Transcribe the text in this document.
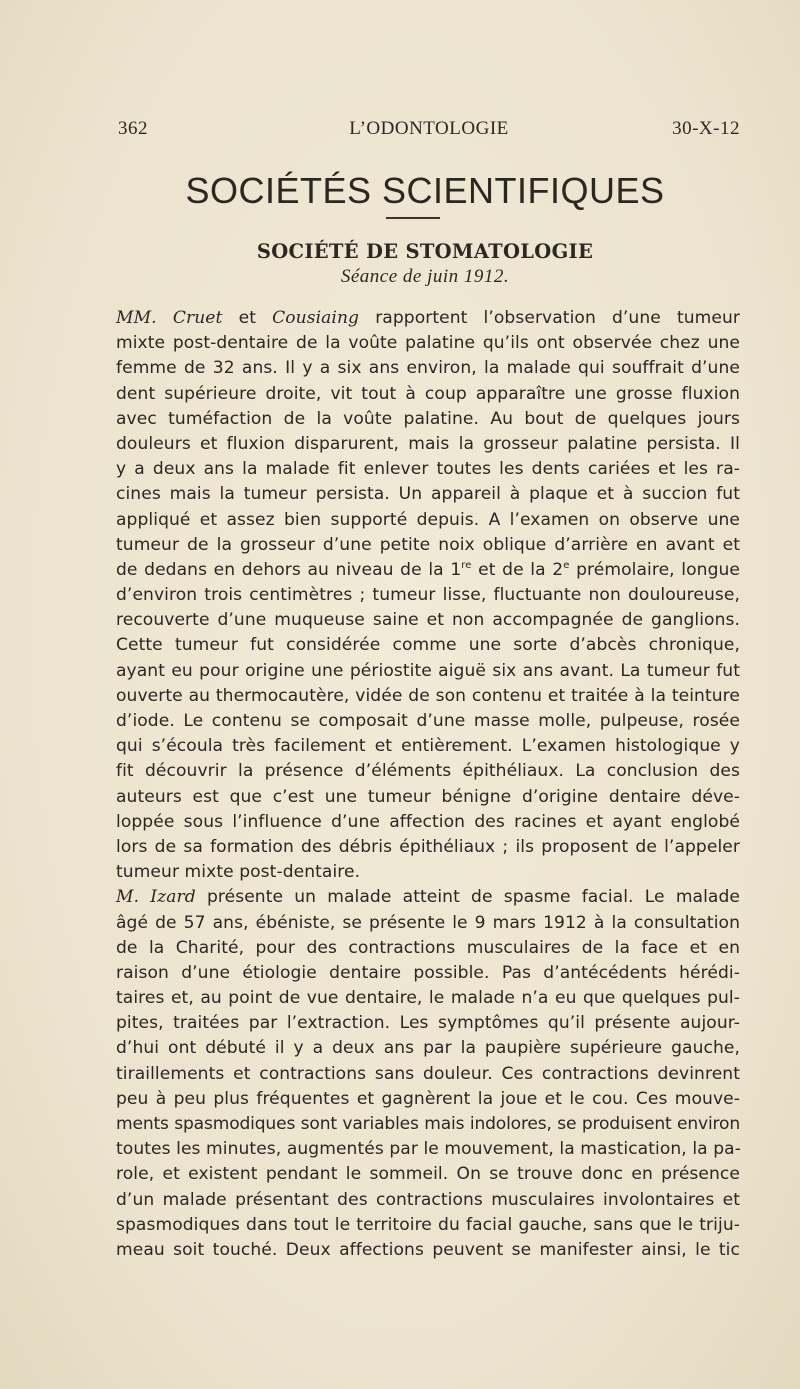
362	L’ODONTOLOGIE	30-X-12
SOCIÉTÉS SCIENTIFIQUES
SOCIÉTÉ DE STOMATOLOGIE
Séance de juin 1912.
MM. Cruet et Cousiaing rapportent l’observation d’une tumeur
mixte post-dentaire de la voûte palatine qu’ils ont observée chez une
femme de 32 ans. Il y a six ans environ, la malade qui souffrait d’une
dent supérieure droite, vit tout à coup apparaître une grosse fluxion
avec tuméfaction de la voûte palatine. Au bout de quelques jours
douleurs et fluxion disparurent, mais la grosseur palatine persista. Il
y a deux ans la malade fit enlever toutes les dents cariées et les ra-
cines mais la tumeur persista. Un appareil à plaque et à succion fut
appliqué et assez bien supporté depuis. A l’examen on observe une
tumeur de la grosseur d’une petite noix oblique d’arrière en avant et
de dedans en dehors au niveau de la 1re et de la 2e prémolaire, longue
d’environ trois centimètres ; tumeur lisse, fluctuante non douloureuse,
recouverte d’une muqueuse saine et non accompagnée de ganglions.
Cette tumeur fut considérée comme une sorte d’abcès chronique,
ayant eu pour origine une périostite aiguë six ans avant. La tumeur fut
ouverte au thermocautère, vidée de son contenu et traitée à la teinture
d’iode. Le contenu se composait d’une masse molle, pulpeuse, rosée
qui s’écoula très facilement et entièrement. L’examen histologique y
fit découvrir la présence d’éléments épithéliaux. La conclusion des
auteurs est que c’est une tumeur bénigne d’origine dentaire déve-
loppée sous l’influence d’une affection des racines et ayant englobé
lors de sa formation des débris épithéliaux ; ils proposent de l’appeler
tumeur mixte post-dentaire.
M. Izard présente un malade atteint de spasme facial. Le malade
âgé de 57 ans, ébéniste, se présente le 9 mars 1912 à la consultation
de la Charité, pour des contractions musculaires de la face et en
raison d’une étiologie dentaire possible. Pas d’antécédents hérédi-
taires et, au point de vue dentaire, le malade n’a eu que quelques pul-
pites, traitées par l’extraction. Les symptômes qu’il présente aujour-
d’hui ont débuté il y a deux ans par la paupière supérieure gauche,
tiraillements et contractions sans douleur. Ces contractions devinrent
peu à peu plus fréquentes et gagnèrent la joue et le cou. Ces mouve-
ments spasmodiques sont variables mais indolores, se produisent environ
toutes les minutes, augmentés par le mouvement, la mastication, la pa-
role, et existent pendant le sommeil. On se trouve donc en présence
d’un malade présentant des contractions musculaires involontaires et
spasmodiques dans tout le territoire du facial gauche, sans que le triju-
meau soit touché. Deux affections peuvent se manifester ainsi, le tic
